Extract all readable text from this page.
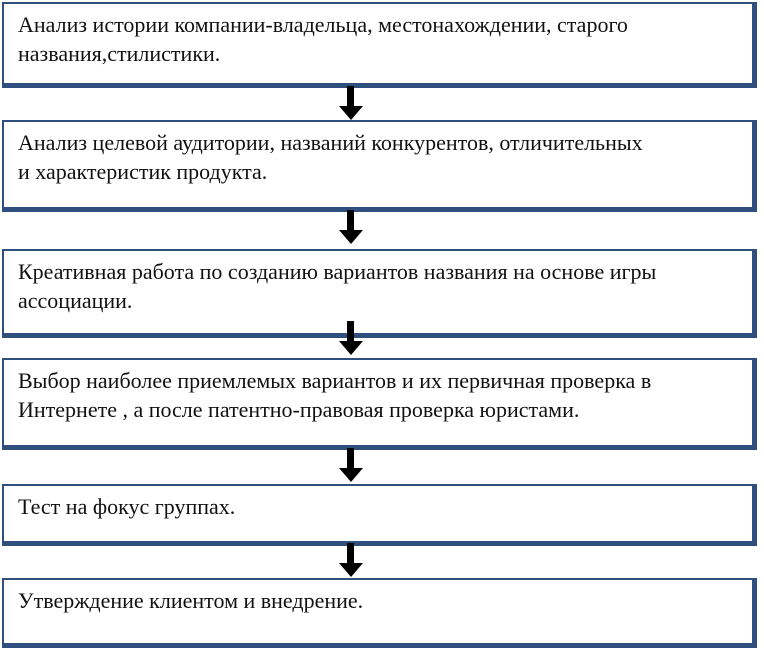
Анализ истории компании-владельца, местонахождении, старого
названия,стилистики.
Анализ целевой аудитории, названий конкурентов, отличительных
и характеристик продукта.
Креативная работа по созданию вариантов названия на основе игры
ассоциации.
Выбор наиболее приемлемых вариантов и их первичная проверка в
Интернете , а после патентно-правовая проверка юристами.
Тест на фокус группах.
Утверждение клиентом и внедрение.
